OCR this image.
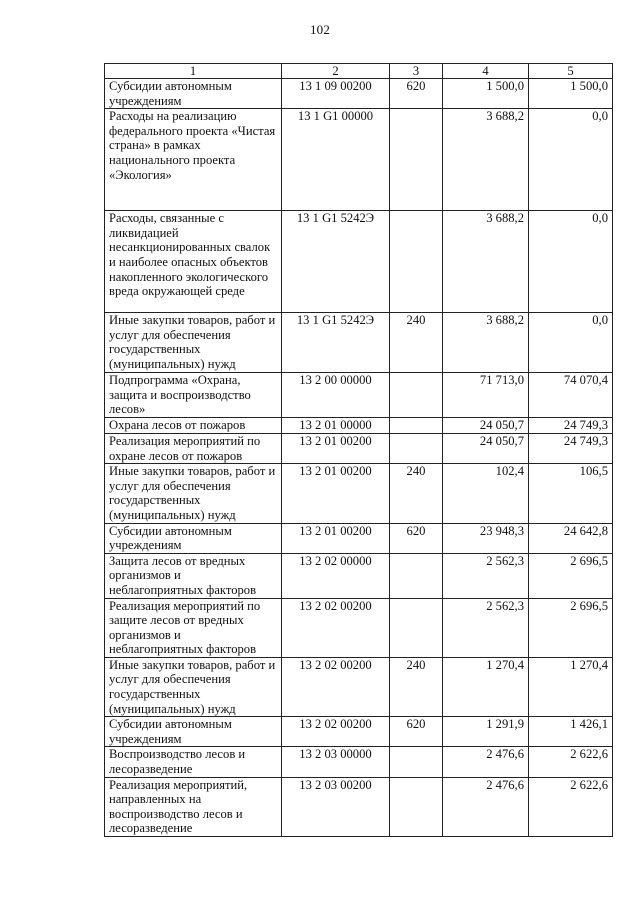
102
1	2	3	4	5
Субсидии автономным учреждениям	13 1 09 00200	620	1 500,0	1 500,0
Расходы на реализацию федерального проекта «Чистая страна» в рамках национального проекта «Экология»	13 1 G1 00000		3 688,2	0,0
Расходы, связанные с ликвидацией несанкционированных свалок и наиболее опасных объектов накопленного экологического вреда окружающей среде	13 1 G1 5242Э		3 688,2	0,0
Иные закупки товаров, работ и услуг для обеспечения государственных (муниципальных) нужд	13 1 G1 5242Э	240	3 688,2	0,0
Подпрограмма «Охрана, защита и воспроизводство лесов»	13 2 00 00000		71 713,0	74 070,4
Охрана лесов от пожаров	13 2 01 00000		24 050,7	24 749,3
Реализация мероприятий по охране лесов от пожаров	13 2 01 00200		24 050,7	24 749,3
Иные закупки товаров, работ и услуг для обеспечения государственных (муниципальных) нужд	13 2 01 00200	240	102,4	106,5
Субсидии автономным учреждениям	13 2 01 00200	620	23 948,3	24 642,8
Защита лесов от вредных организмов и неблагоприятных факторов	13 2 02 00000		2 562,3	2 696,5
Реализация мероприятий по защите лесов от вредных организмов и неблагоприятных факторов	13 2 02 00200		2 562,3	2 696,5
Иные закупки товаров, работ и услуг для обеспечения государственных (муниципальных) нужд	13 2 02 00200	240	1 270,4	1 270,4
Субсидии автономным учреждениям	13 2 02 00200	620	1 291,9	1 426,1
Воспроизводство лесов и лесоразведение	13 2 03 00000		2 476,6	2 622,6
Реализация мероприятий, направленных на воспроизводство лесов и лесоразведение	13 2 03 00200		2 476,6	2 622,6
